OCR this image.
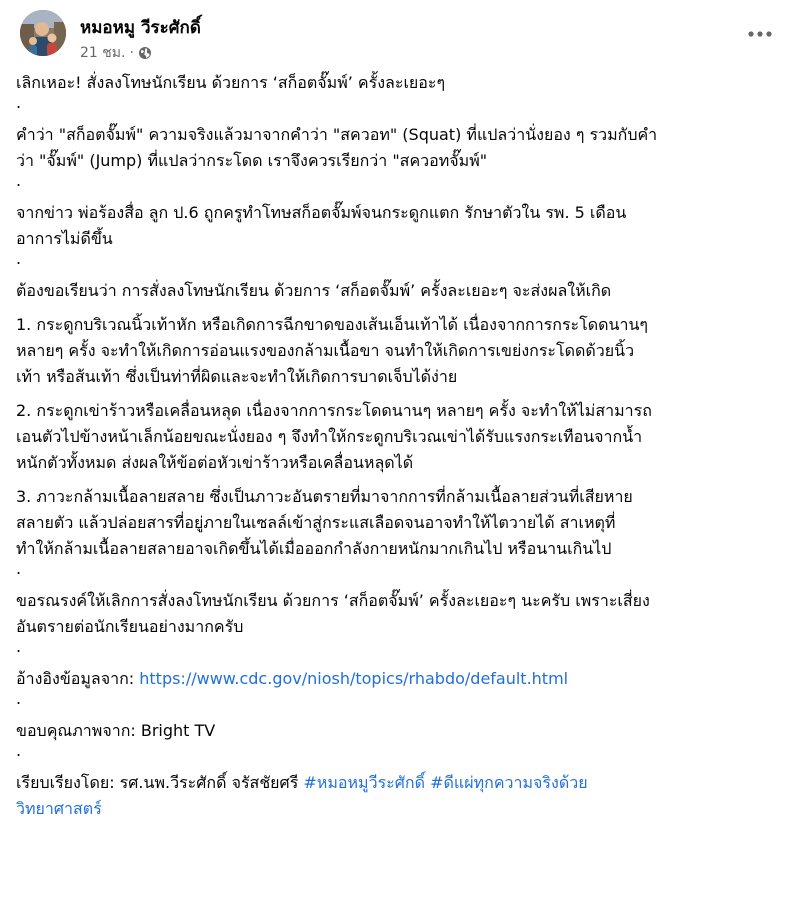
หมอหมู วีระศักดิ์
21 ชม. ·

เลิกเหอะ! สั่งลงโทษนักเรียน ด้วยการ ‘สก็อตจั๊มพ์’ ครั้งละเยอะๆ

.

คำว่า "สก็อตจั๊มพ์" ความจริงแล้วมาจากคำว่า "สควอท" (Squat) ที่แปลว่านั่งยอง ๆ รวมกับคำ

ว่า "จั๊มพ์" (Jump) ที่แปลว่ากระโดด เราจึงควรเรียกว่า "สควอทจั๊มพ์"

.

จากข่าว พ่อร้องสื่อ ลูก ป.6 ถูกครูทำโทษสก็อตจั๊มพ์จนกระดูกแตก รักษาตัวใน รพ. 5 เดือน

อาการไม่ดีขึ้น

.

ต้องขอเรียนว่า การสั่งลงโทษนักเรียน ด้วยการ ‘สก็อตจั๊มพ์’ ครั้งละเยอะๆ จะส่งผลให้เกิด

1. กระดูกบริเวณนิ้วเท้าหัก หรือเกิดการฉีกขาดของเส้นเอ็นเท้าได้ เนื่องจากการกระโดดนานๆ

หลายๆ ครั้ง จะทำให้เกิดการอ่อนแรงของกล้ามเนื้อขา จนทำให้เกิดการเขย่งกระโดดด้วยนิ้ว

เท้า หรือส้นเท้า ซึ่งเป็นท่าที่ผิดและจะทำให้เกิดการบาดเจ็บได้ง่าย

2. กระดูกเข่าร้าวหรือเคลื่อนหลุด เนื่องจากการกระโดดนานๆ หลายๆ ครั้ง จะทำให้ไม่สามารถ

เอนตัวไปข้างหน้าเล็กน้อยขณะนั่งยอง ๆ จึงทำให้กระดูกบริเวณเข่าได้รับแรงกระเทือนจากน้ำ

หนักตัวทั้งหมด ส่งผลให้ข้อต่อหัวเข่าร้าวหรือเคลื่อนหลุดได้

3. ภาวะกล้ามเนื้อลายสลาย ซึ่งเป็นภาวะอันตรายที่มาจากการที่กล้ามเนื้อลายส่วนที่เสียหาย

สลายตัว แล้วปล่อยสารที่อยู่ภายในเซลล์เข้าสู่กระแสเลือดจนอาจทำให้ไตวายได้ สาเหตุที่

ทำให้กล้ามเนื้อลายสลายอาจเกิดขึ้นได้เมื่อออกกำลังกายหนักมากเกินไป หรือนานเกินไป

.

ขอรณรงค์ให้เลิกการสั่งลงโทษนักเรียน ด้วยการ ‘สก็อตจั๊มพ์’ ครั้งละเยอะๆ นะครับ เพราะเสี่ยง

อันตรายต่อนักเรียนอย่างมากครับ

.

อ้างอิงข้อมูลจาก: https://www.cdc.gov/niosh/topics/rhabdo/default.html

.

ขอบคุณภาพจาก: Bright TV

.

เรียบเรียงโดย: รศ.นพ.วีระศักดิ์ จรัสชัยศรี #หมอหมูวีระศักดิ์ #ดีแผ่ทุกความจริงด้วย

วิทยาศาสตร์
